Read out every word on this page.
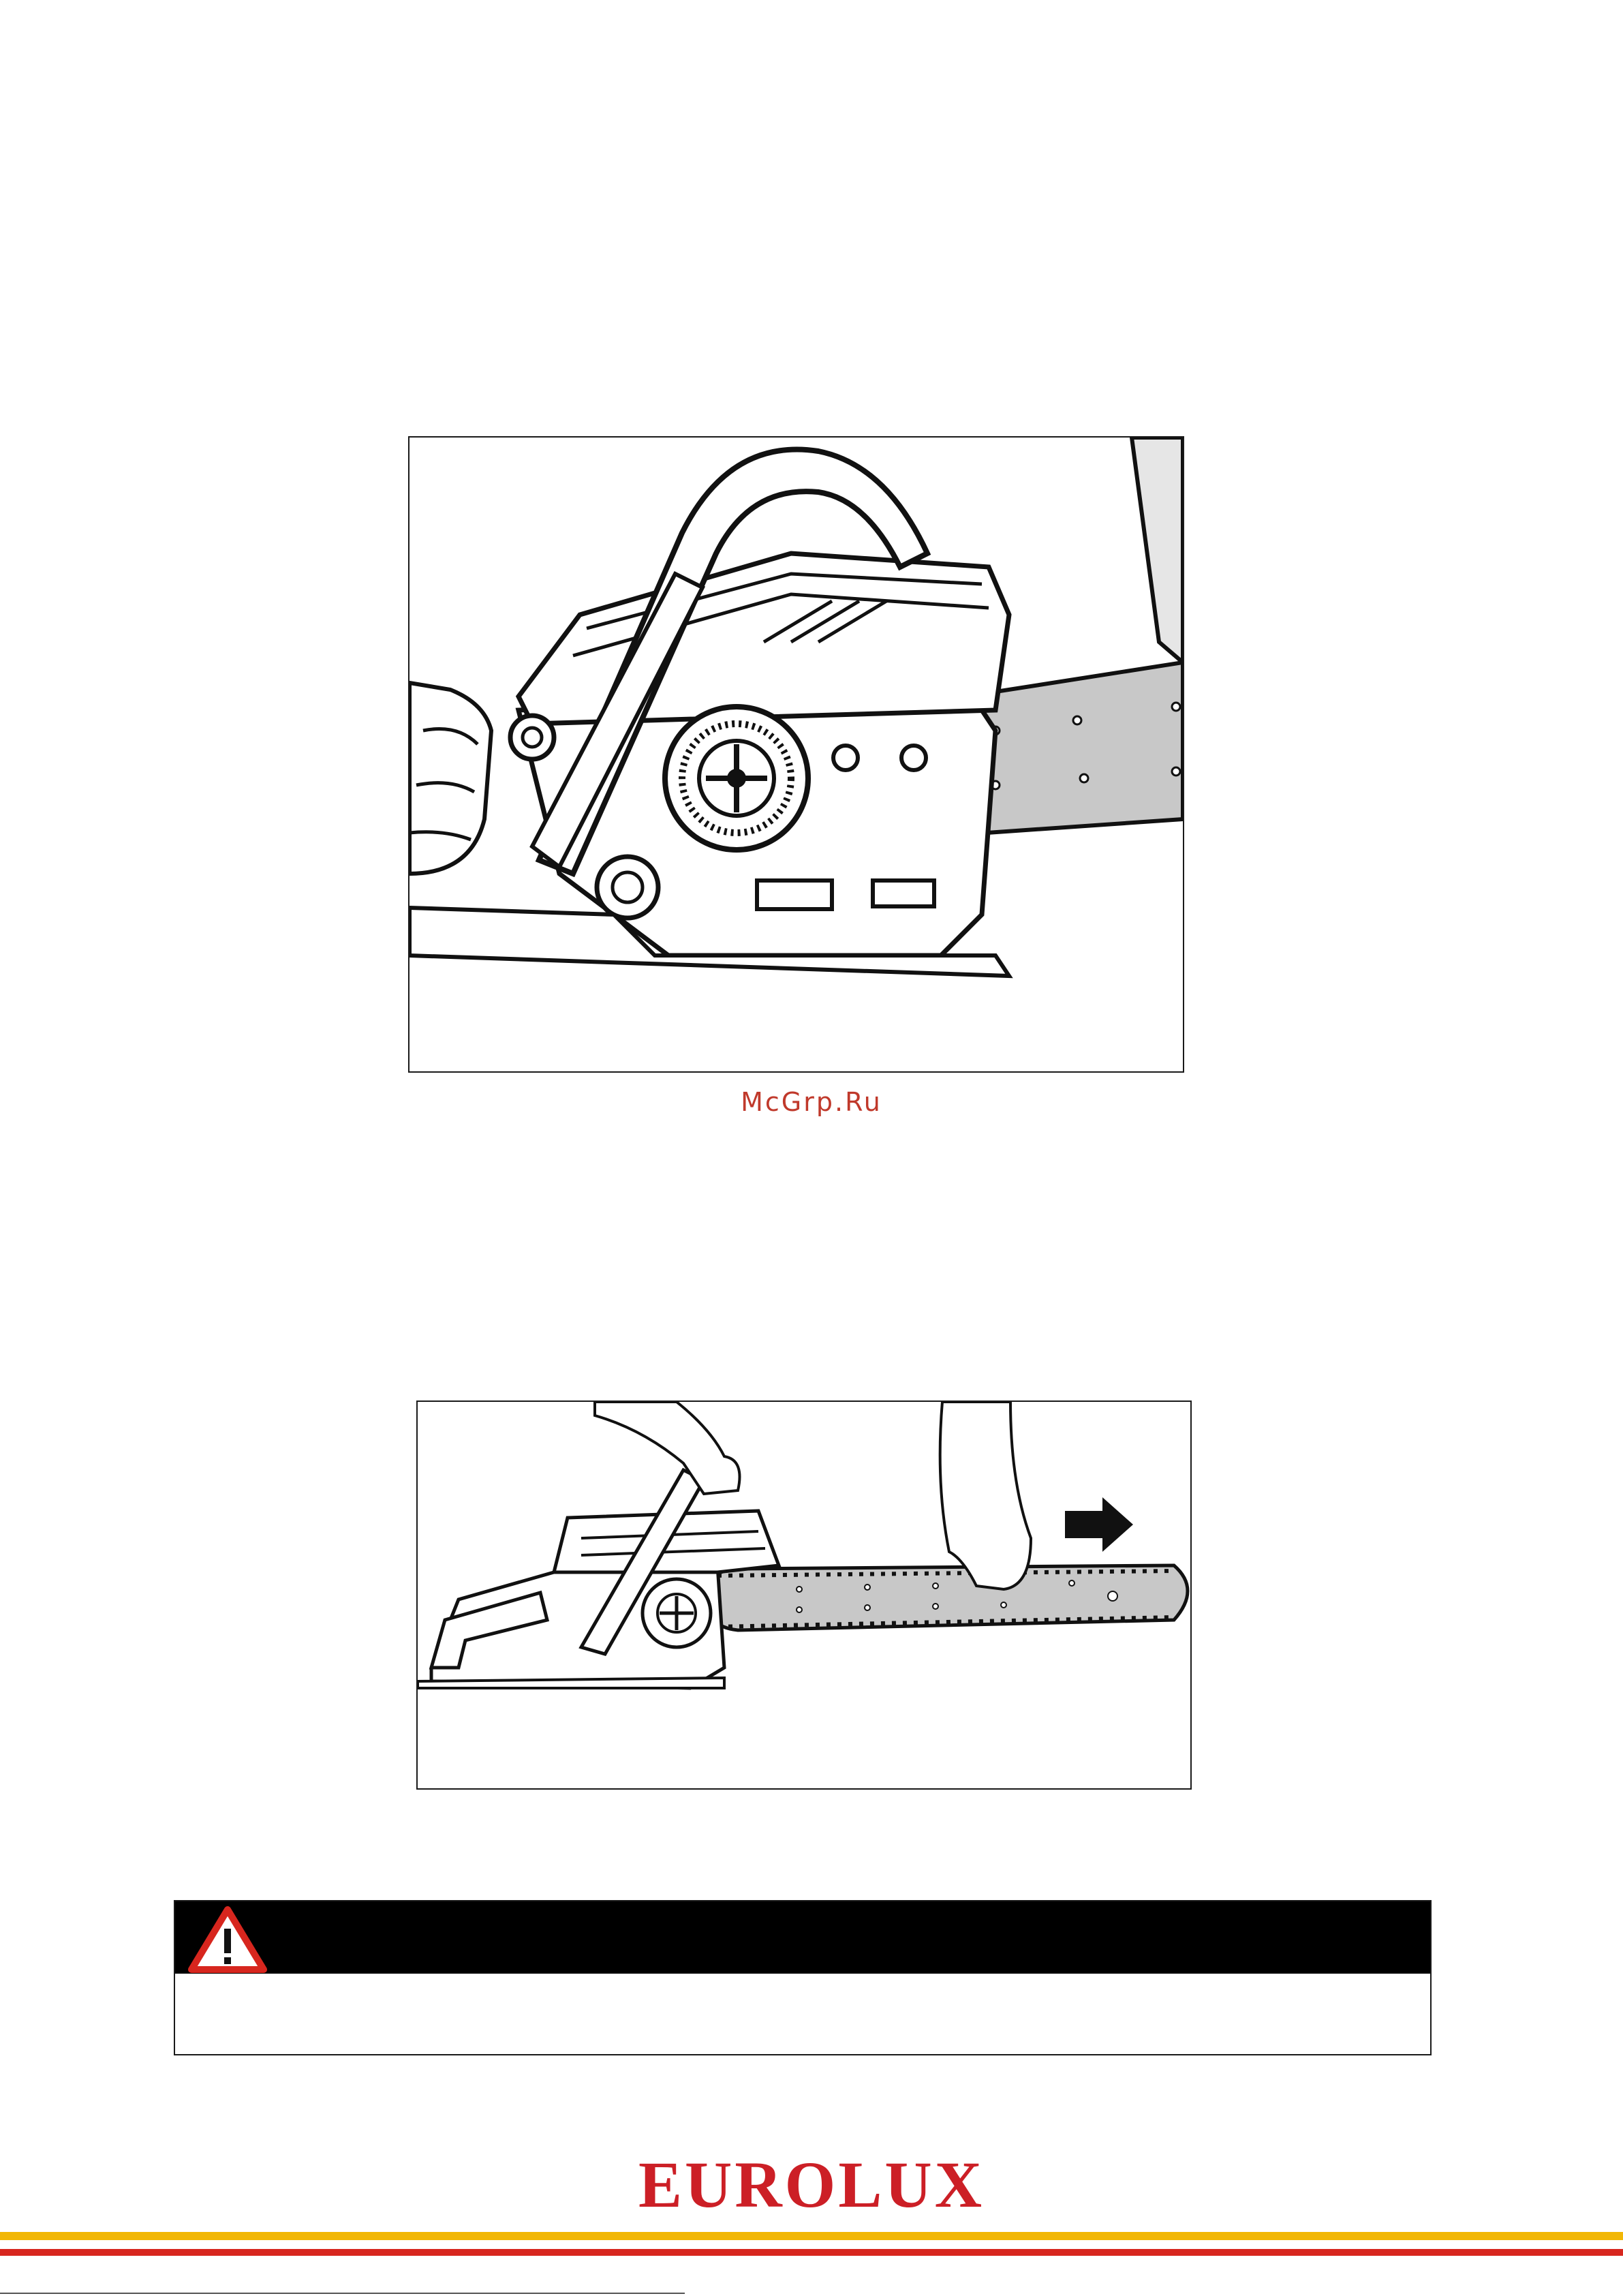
McGrp.Ru
EUROLUX
